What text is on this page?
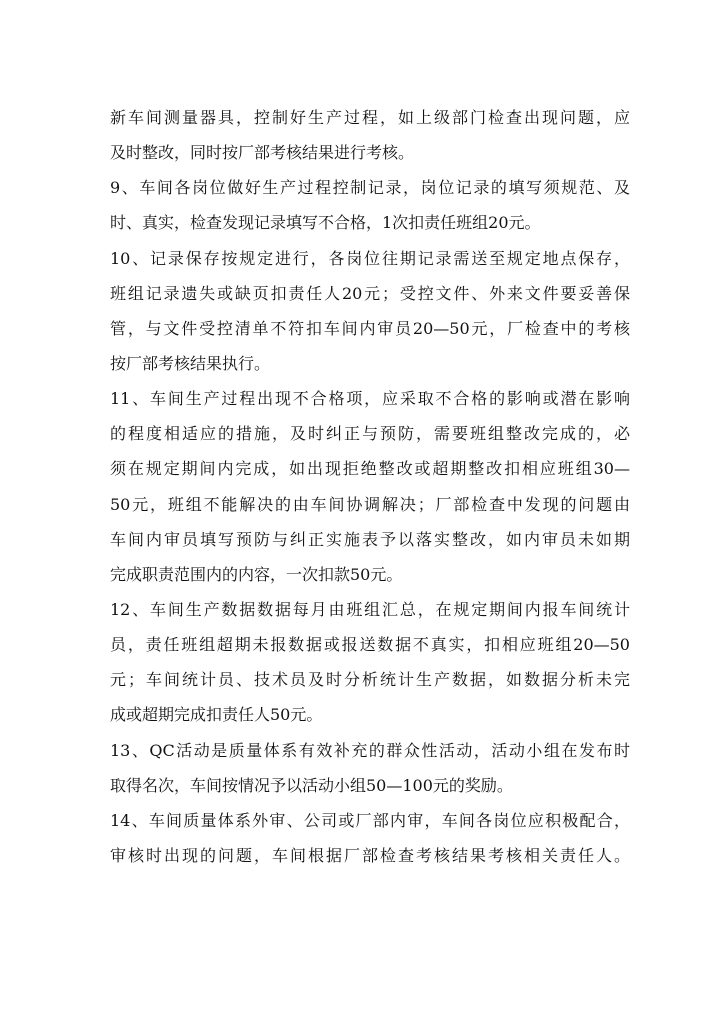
新车间测量器具，控制好生产过程，如上级部门检查出现问题，应
及时整改，同时按厂部考核结果进行考核。
9、车间各岗位做好生产过程控制记录，岗位记录的填写须规范、及
时、真实，检查发现记录填写不合格，1次扣责任班组20元。
10、记录保存按规定进行，各岗位往期记录需送至规定地点保存，
班组记录遗失或缺页扣责任人20元；受控文件、外来文件要妥善保
管，与文件受控清单不符扣车间内审员20—50元，厂检查中的考核
按厂部考核结果执行。
11、车间生产过程出现不合格项，应采取不合格的影响或潜在影响
的程度相适应的措施，及时纠正与预防，需要班组整改完成的，必
须在规定期间内完成，如出现拒绝整改或超期整改扣相应班组30—
50元，班组不能解决的由车间协调解决；厂部检查中发现的问题由
车间内审员填写预防与纠正实施表予以落实整改，如内审员未如期
完成职责范围内的内容，一次扣款50元。
12、车间生产数据数据每月由班组汇总，在规定期间内报车间统计
员，责任班组超期未报数据或报送数据不真实，扣相应班组20—50
元；车间统计员、技术员及时分析统计生产数据，如数据分析未完
成或超期完成扣责任人50元。
13、QC活动是质量体系有效补充的群众性活动，活动小组在发布时
取得名次，车间按情况予以活动小组50—100元的奖励。
14、车间质量体系外审、公司或厂部内审，车间各岗位应积极配合，
审核时出现的问题，车间根据厂部检查考核结果考核相关责任人。
